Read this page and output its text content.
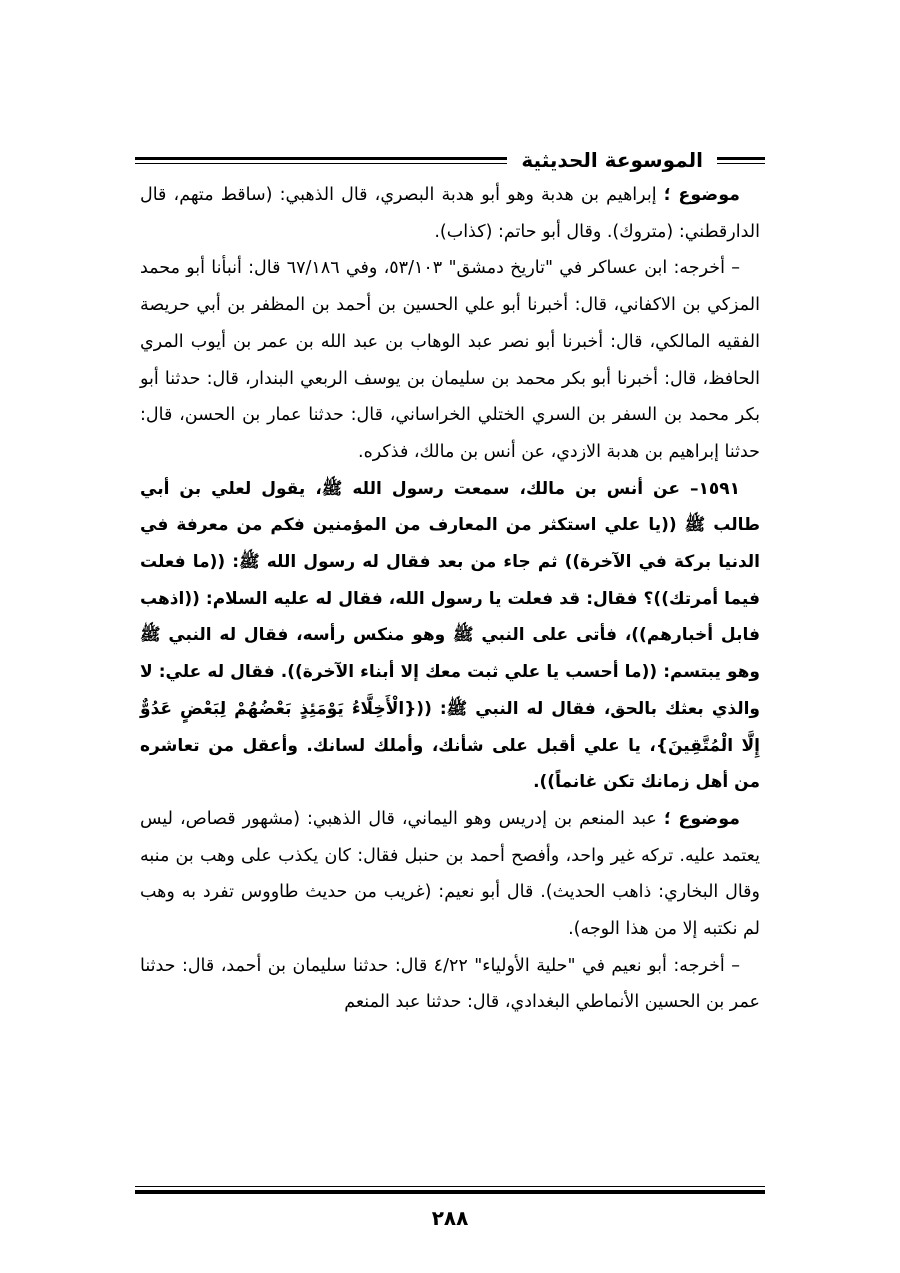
الموسوعة الحديثية

موضوع ؛ إبراهيم بن هدبة وهو أبو هدبة البصري، قال الذهبي: (ساقط متهم، قال الدارقطني: (متروك). وقال أبو حاتم: (كذاب).

– أخرجه: ابن عساكر في "تاريخ دمشق" ٥٣/١٠٣، وفي ٦٧/١٨٦ قال: أنبأنا أبو محمد المزكي بن الاكفاني، قال: أخبرنا أبو علي الحسين بن أحمد بن المظفر بن أبي حريصة الفقيه المالكي، قال: أخبرنا أبو نصر عبد الوهاب بن عبد الله بن عمر بن أيوب المري الحافظ، قال: أخبرنا أبو بكر محمد بن سليمان بن يوسف الربعي البندار، قال: حدثنا أبو بكر محمد بن السفر بن السري الختلي الخراساني، قال: حدثنا عمار بن الحسن، قال: حدثنا إبراهيم بن هدبة الازدي، عن أنس بن مالك، فذكره.

١٥٩١– عن أنس بن مالك، سمعت رسول الله ﷺ، يقول لعلي بن أبي طالب ﷺ ((يا علي استكثر من المعارف من المؤمنين فكم من معرفة في الدنيا بركة في الآخرة)) ثم جاء من بعد فقال له رسول الله ﷺ: ((ما فعلت فيما أمرتك))؟ فقال: قد فعلت يا رسول الله، فقال له عليه السلام: ((اذهب فابل أخبارهم))، فأتى على النبي ﷺ وهو منكس رأسه، فقال له النبي ﷺ وهو يبتسم: ((ما أحسب يا علي ثبت معك إلا أبناء الآخرة)). فقال له علي: لا والذي بعثك بالحق، فقال له النبي ﷺ: (({الْأَخِلَّاءُ يَوْمَئِذٍ بَعْضُهُمْ لِبَعْضٍ عَدُوٌّ إِلَّا الْمُتَّقِينَ}، يا علي أقبل على شأنك، وأملك لسانك. وأعقل من تعاشره من أهل زمانك تكن غانماً)).

موضوع ؛ عبد المنعم بن إدريس وهو اليماني، قال الذهبي: (مشهور قصاص، ليس يعتمد عليه. تركه غير واحد، وأفصح أحمد بن حنبل فقال: كان يكذب على وهب بن منبه وقال البخاري: ذاهب الحديث). قال أبو نعيم: (غريب من حديث طاووس تفرد به وهب لم نكتبه إلا من هذا الوجه).

– أخرجه: أبو نعيم في "حلية الأولياء" ٤/٢٢ قال: حدثنا سليمان بن أحمد، قال: حدثنا عمر بن الحسين الأنماطي البغدادي، قال: حدثنا عبد المنعم

٢٨٨
